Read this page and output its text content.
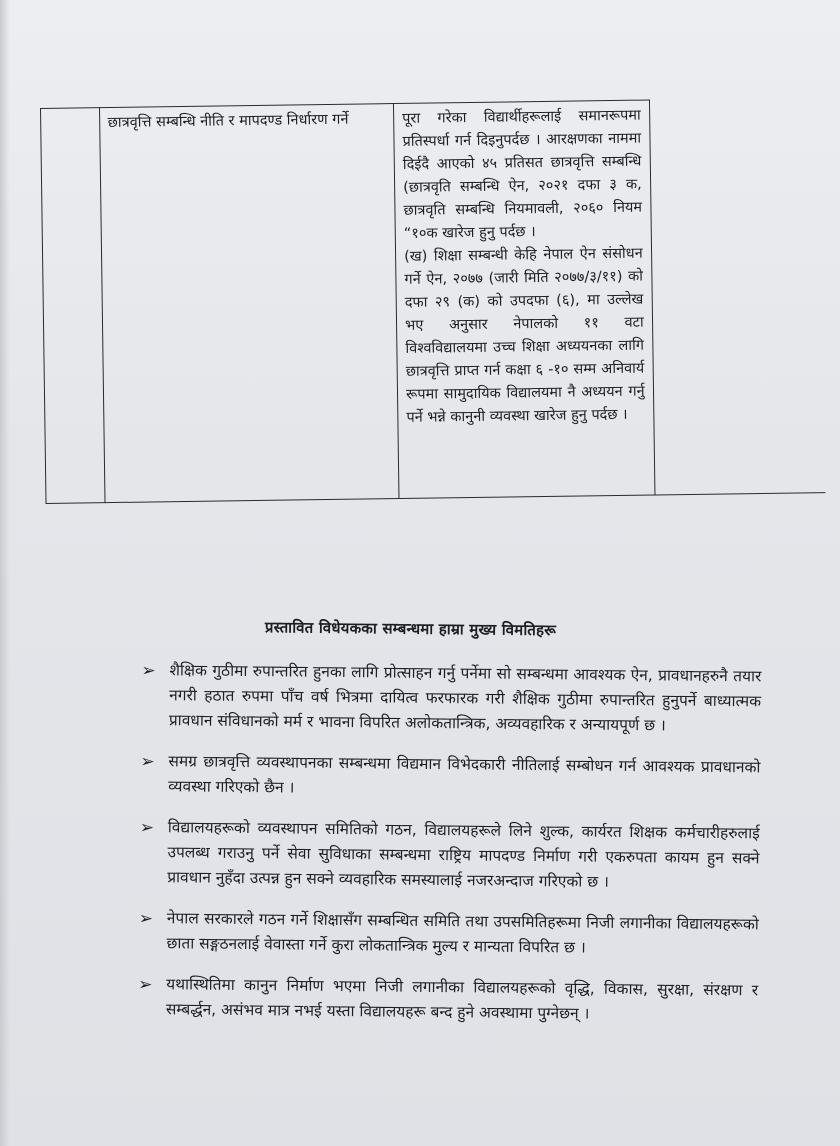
	छात्रवृत्ति सम्बन्धि नीति र मापदण्ड निर्धारण गर्ने	पूरा गरेका विद्यार्थीहरूलाई समानरूपमा प्रतिस्पर्धा गर्न दिइनुपर्दछ । आरक्षणका नाममा दिईदै आएको ४५ प्रतिसत छात्रवृत्ति सम्बन्धि (छात्रवृति सम्बन्धि ऐन, २०२१ दफा ३ क, छात्रवृति सम्बन्धि नियमावली, २०६० नियम “१०क खारेज हुनु पर्दछ ।
(ख) शिक्षा सम्बन्धी केहि नेपाल ऐन संसोधन गर्ने ऐन, २०७७ (जारी मिति २०७७/३/११) को दफा २९ (क) को उपदफा (६), मा उल्लेख भए अनुसार नेपालको ११ वटा विश्वविद्यालयमा उच्च शिक्षा अध्ययनका लागि छात्रवृत्ति प्राप्त गर्न कक्षा ६ -१० सम्म अनिवार्य रूपमा सामुदायिक विद्यालयमा नै अध्ययन गर्नु पर्ने भन्ने कानुनी व्यवस्था खारेज हुनु पर्दछ ।

प्रस्तावित विधेयकका सम्बन्धमा हाम्रा मुख्य विमतिहरू
➢ शैक्षिक गुठीमा रुपान्तरित हुनका लागि प्रोत्साहन गर्नु पर्नेमा सो सम्बन्धमा आवश्यक ऐन, प्रावधानहरुनै तयार नगरी हठात रुपमा पाँच वर्ष भित्रमा दायित्व फरफारक गरी शैक्षिक गुठीमा रुपान्तरित हुनुपर्ने बाध्यात्मक प्रावधान संविधानको मर्म र भावना विपरित अलोकतान्त्रिक, अव्यवहारिक र अन्यायपूर्ण छ ।
➢ समग्र छात्रवृत्ति व्यवस्थापनका सम्बन्धमा विद्यमान विभेदकारी नीतिलाई सम्बोधन गर्न आवश्यक प्रावधानको व्यवस्था गरिएको छैन ।
➢ विद्यालयहरूको व्यवस्थापन समितिको गठन, विद्यालयहरूले लिने शुल्क, कार्यरत शिक्षक कर्मचारीहरुलाई उपलब्ध गराउनु पर्ने सेवा सुविधाका सम्बन्धमा राष्ट्रिय मापदण्ड निर्माण गरी एकरुपता कायम हुन सक्ने प्रावधान नुहँदा उत्पन्न हुन सक्ने व्यवहारिक समस्यालाई नजरअन्दाज गरिएको छ ।
➢ नेपाल सरकारले गठन गर्ने शिक्षासँग सम्बन्धित समिति तथा उपसमितिहरूमा निजी लगानीका विद्यालयहरूको छाता सङ्गठनलाई वेवास्ता गर्ने कुरा लोकतान्त्रिक मुल्य र मान्यता विपरित छ ।
➢ यथास्थितिमा कानुन निर्माण भएमा निजी लगानीका विद्यालयहरूको वृद्धि, विकास, सुरक्षा, संरक्षण र सम्बर्द्धन, असंभव मात्र नभई यस्ता विद्यालयहरू बन्द हुने अवस्थामा पुग्नेछन् ।
